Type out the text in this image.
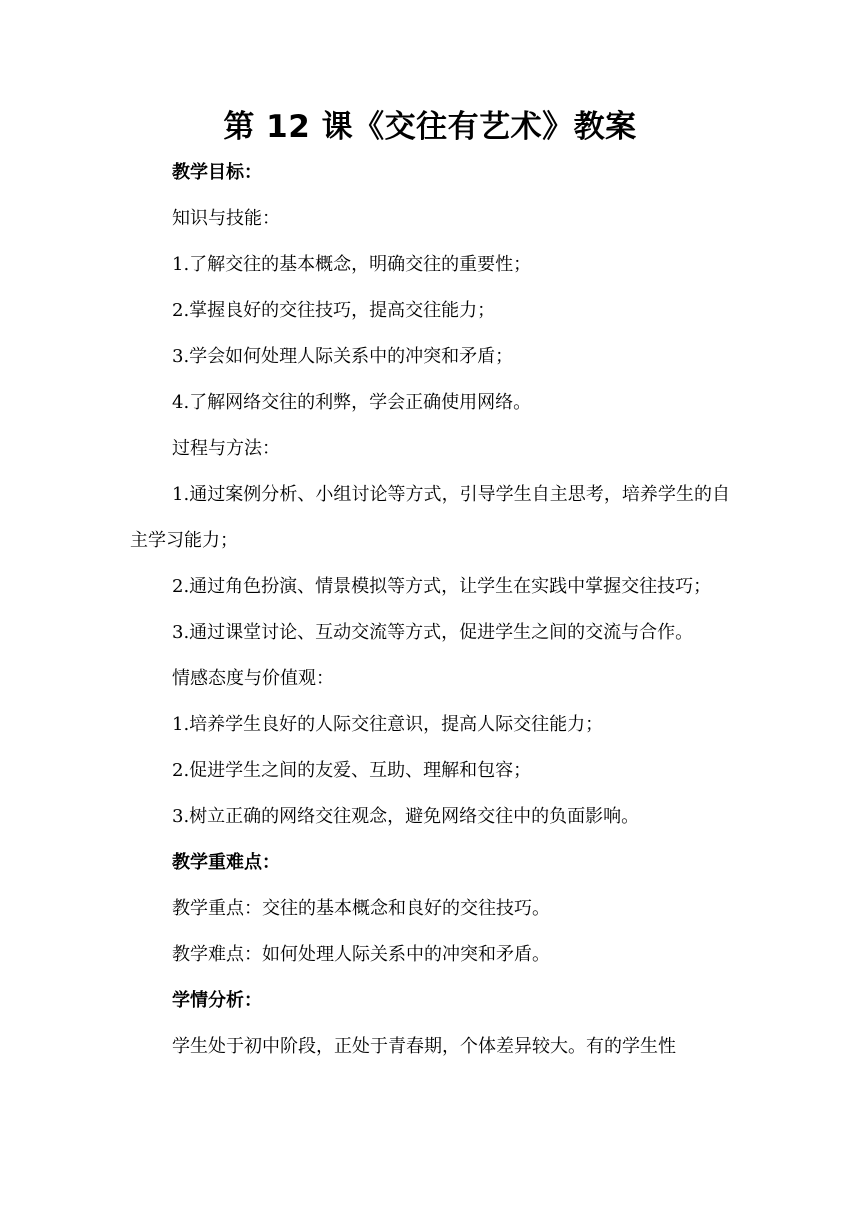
第 12 课《交往有艺术》教案

教学目标：

知识与技能：

1.了解交往的基本概念，明确交往的重要性；

2.掌握良好的交往技巧，提高交往能力；

3.学会如何处理人际关系中的冲突和矛盾；

4.了解网络交往的利弊，学会正确使用网络。

过程与方法：

1.通过案例分析、小组讨论等方式，引导学生自主思考，培养学生的自主学习能力；

2.通过角色扮演、情景模拟等方式，让学生在实践中掌握交往技巧；

3.通过课堂讨论、互动交流等方式，促进学生之间的交流与合作。

情感态度与价值观：

1.培养学生良好的人际交往意识，提高人际交往能力；

2.促进学生之间的友爱、互助、理解和包容；

3.树立正确的网络交往观念，避免网络交往中的负面影响。

教学重难点：

教学重点：交往的基本概念和良好的交往技巧。

教学难点：如何处理人际关系中的冲突和矛盾。

学情分析：

学生处于初中阶段，正处于青春期，个体差异较大。有的学生性
